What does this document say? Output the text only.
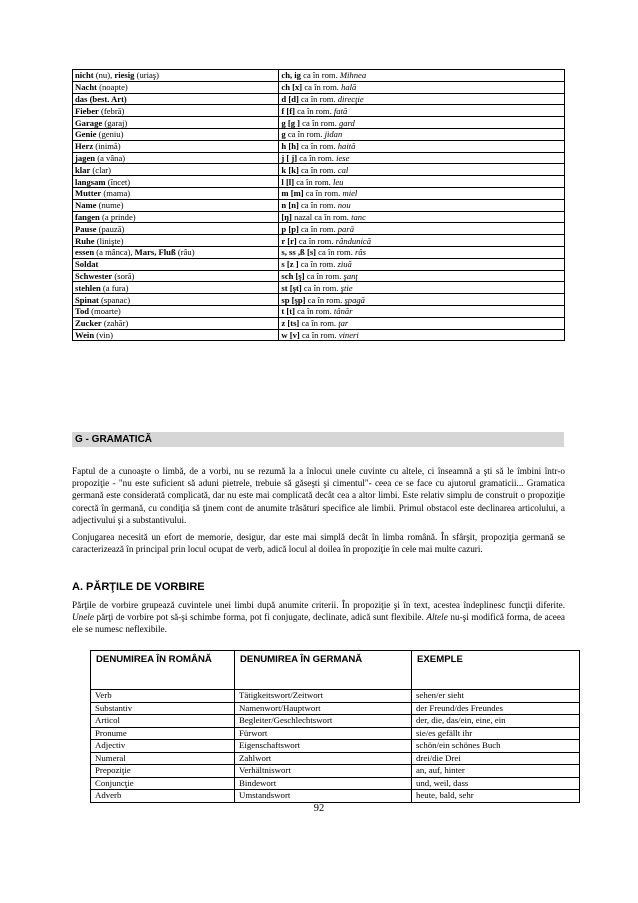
nicht (nu), riesig (uriaş)	ch, ig ca în rom. Mihnea
Nacht (noapte)	ch [x] ca în rom. hală
das (best. Art)	d [d] ca în rom. direcţie
Fieber (febră)	f [f] ca în rom. fată
Garage (garaj)	g [g ] ca în rom. gard
Genie (geniu)	g ca în rom. jidan
Herz (inimă)	h [h] ca în rom. haită
jagen (a vâna)	j [ j] ca în rom. iese
klar (clar)	k [k] ca în rom. cal
langsam (încet)	l [l] ca în rom. leu
Mutter (mama)	m [m] ca în rom. miel
Name (nume)	n [n] ca în rom. nou
fangen (a prinde)	[ŋ] nazal ca în rom. tanc
Pause (pauză)	p [p] ca în rom. pară
Ruhe (linişte)	r [r] ca în rom. rândunică
essen (a mânca), Mars, Fluß (râu)	s, ss ,ß [s] ca în rom. râs
Soldat	s [z ] ca în rom. ziuă
Schwester (soră)	sch [ş] ca în rom. şanţ
stehlen (a fura)	st [şt] ca în rom. ştie
Spinat (spanac)	sp [şp] ca în rom. şpagă
Tod (moarte)	t [t] ca în rom. tânăr
Zucker (zahăr)	z [ts] ca în rom. ţar
Wein (vin)	w [v] ca în rom. vineri
G - GRAMATICĂ

Faptul de a cunoaşte o limbă, de a vorbi, nu se rezumă la a înlocui unele cuvinte cu altele, ci înseamnă a şti să le îmbini într-o propoziţie - "nu este suficient să aduni pietrele, trebuie să găseşti şi cimentul"- ceea ce se face cu ajutorul gramaticii... Gramatica germană este considerată complicată, dar nu este mai complicată decât cea a altor limbi. Este relativ simplu de construit o propoziţie corectă în germană, cu condiţia să ţinem cont de anumite trăsături specifice ale limbii. Primul obstacol este declinarea articolului, a adjectivului şi a substantivului.

Conjugarea necesită un efort de memorie, desigur, dar este mai simplă decât în limba română. În sfârşit, propoziţia germană se caracterizează în principal prin locul ocupat de verb, adică locul al doilea în propoziţie în cele mai multe cazuri.

A. PĂRŢILE DE VORBIRE

Părţile de vorbire grupează cuvintele unei limbi după anumite criterii. În propoziţie şi în text, acestea îndeplinesc funcţii diferite. Unele părţi de vorbire pot să-şi schimbe forma, pot fi conjugate, declinate, adică sunt flexibile. Altele nu-şi modifică forma, de aceea ele se numesc neflexibile.

DENUMIREA ÎN ROMÂNĂ	DENUMIREA ÎN GERMANĂ	EXEMPLE
Verb	Tätigkeitswort/Zeitwort	sehen/er sieht
Substantiv	Namenwort/Hauptwort	der Freund/des Freundes
Articol	Begleiter/Geschlechtswort	der, die, das/ein, eine, ein
Pronume	Fürwort	sie/es gefällt ihr
Adjectiv	Eigenschaftswort	schön/ein schönes Buch
Numeral	Zahlwort	drei/die Drei
Prepoziţie	Verhältniswort	an, auf, hinter
Conjuncţie	Bindewort	und, weil, dass
Adverb	Umstandswort	heute, bald, sehr
92
